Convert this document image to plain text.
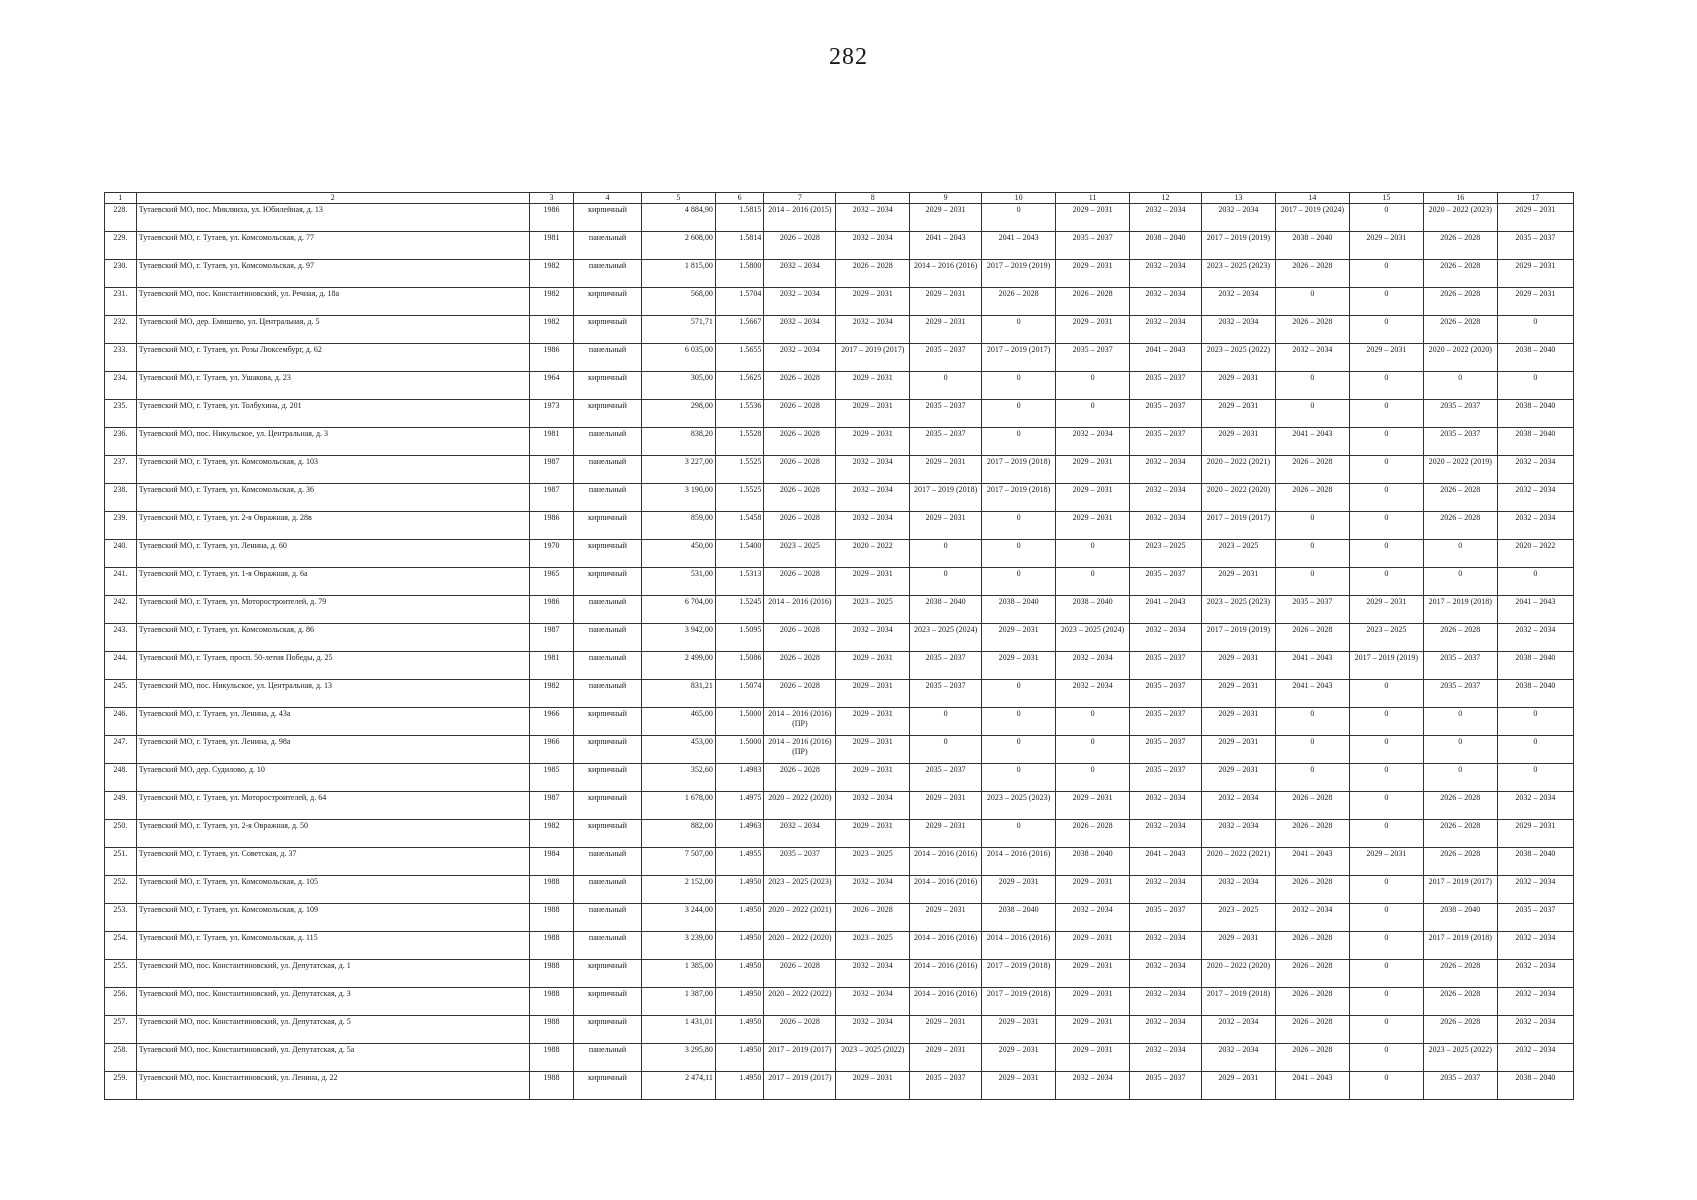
282
1	2	3	4	5	6	7	8	9	10	11	12	13	14	15	16	17
228.	Тутаевский МО, пос. Микляиха, ул. Юбилейная, д. 13	1986	кирпичный	4 884,90	1.5815	2014 – 2016 (2015)	2032 – 2034	2029 – 2031	0	2029 – 2031	2032 – 2034	2032 – 2034	2017 – 2019 (2024)	0	2020 – 2022 (2023)	2029 – 2031
229.	Тутаевский МО, г. Тутаев, ул. Комсомольская, д. 77	1981	панельный	2 608,00	1.5814	2026 – 2028	2032 – 2034	2041 – 2043	2041 – 2043	2035 – 2037	2038 – 2040	2017 – 2019 (2019)	2038 – 2040	2029 – 2031	2026 – 2028	2035 – 2037
230.	Тутаевский МО, г. Тутаев, ул. Комсомольская, д. 97	1982	панельный	1 815,00	1.5800	2032 – 2034	2026 – 2028	2014 – 2016 (2016)	2017 – 2019 (2019)	2029 – 2031	2032 – 2034	2023 – 2025 (2023)	2026 – 2028	0	2026 – 2028	2029 – 2031
231.	Тутаевский МО, пос. Константиновский, ул. Речная, д. 18а	1982	кирпичный	568,00	1.5704	2032 – 2034	2029 – 2031	2029 – 2031	2026 – 2028	2026 – 2028	2032 – 2034	2032 – 2034	0	0	2026 – 2028	2029 – 2031
232.	Тутаевский МО, дер. Емишево, ул. Центральная, д. 5	1982	кирпичный	571,71	1.5667	2032 – 2034	2032 – 2034	2029 – 2031	0	2029 – 2031	2032 – 2034	2032 – 2034	2026 – 2028	0	2026 – 2028	0
233.	Тутаевский МО, г. Тутаев, ул. Розы Люксембург, д. 62	1986	панельный	6 035,00	1.5655	2032 – 2034	2017 – 2019 (2017)	2035 – 2037	2017 – 2019 (2017)	2035 – 2037	2041 – 2043	2023 – 2025 (2022)	2032 – 2034	2029 – 2031	2020 – 2022 (2020)	2038 – 2040
234.	Тутаевский МО, г. Тутаев, ул. Ушакова, д. 23	1964	кирпичный	305,00	1.5625	2026 – 2028	2029 – 2031	0	0	0	2035 – 2037	2029 – 2031	0	0	0	0
235.	Тутаевский МО, г. Тутаев, ул. Толбухина, д. 201	1973	кирпичный	298,00	1.5536	2026 – 2028	2029 – 2031	2035 – 2037	0	0	2035 – 2037	2029 – 2031	0	0	2035 – 2037	2038 – 2040
236.	Тутаевский МО, пос. Никульское, ул. Центральная, д. 3	1981	панельный	838,20	1.5528	2026 – 2028	2029 – 2031	2035 – 2037	0	2032 – 2034	2035 – 2037	2029 – 2031	2041 – 2043	0	2035 – 2037	2038 – 2040
237.	Тутаевский МО, г. Тутаев, ул. Комсомольская, д. 103	1987	панельный	3 227,00	1.5525	2026 – 2028	2032 – 2034	2029 – 2031	2017 – 2019 (2018)	2029 – 2031	2032 – 2034	2020 – 2022 (2021)	2026 – 2028	0	2020 – 2022 (2019)	2032 – 2034
238.	Тутаевский МО, г. Тутаев, ул. Комсомольская, д. 36	1987	панельный	3 190,00	1.5525	2026 – 2028	2032 – 2034	2017 – 2019 (2018)	2017 – 2019 (2018)	2029 – 2031	2032 – 2034	2020 – 2022 (2020)	2026 – 2028	0	2026 – 2028	2032 – 2034
239.	Тутаевский МО, г. Тутаев, ул. 2-я Овражная, д. 28в	1986	кирпичный	859,00	1.5458	2026 – 2028	2032 – 2034	2029 – 2031	0	2029 – 2031	2032 – 2034	2017 – 2019 (2017)	0	0	2026 – 2028	2032 – 2034
240.	Тутаевский МО, г. Тутаев, ул. Ленина, д. 60	1970	кирпичный	450,00	1.5400	2023 – 2025	2020 – 2022	0	0	0	2023 – 2025	2023 – 2025	0	0	0	2020 – 2022
241.	Тутаевский МО, г. Тутаев, ул. 1-я Овражная, д. 6а	1965	кирпичный	531,00	1.5313	2026 – 2028	2029 – 2031	0	0	0	2035 – 2037	2029 – 2031	0	0	0	0
242.	Тутаевский МО, г. Тутаев, ул. Моторостроителей, д. 79	1986	панельный	6 704,00	1.5245	2014 – 2016 (2016)	2023 – 2025	2038 – 2040	2038 – 2040	2038 – 2040	2041 – 2043	2023 – 2025 (2023)	2035 – 2037	2029 – 2031	2017 – 2019 (2018)	2041 – 2043
243.	Тутаевский МО, г. Тутаев, ул. Комсомольская, д. 86	1987	панельный	3 942,00	1.5095	2026 – 2028	2032 – 2034	2023 – 2025 (2024)	2029 – 2031	2023 – 2025 (2024)	2032 – 2034	2017 – 2019 (2019)	2026 – 2028	2023 – 2025	2026 – 2028	2032 – 2034
244.	Тутаевский МО, г. Тутаев, просп. 50-летия Победы, д. 25	1981	панельный	2 499,00	1.5086	2026 – 2028	2029 – 2031	2035 – 2037	2029 – 2031	2032 – 2034	2035 – 2037	2029 – 2031	2041 – 2043	2017 – 2019 (2019)	2035 – 2037	2038 – 2040
245.	Тутаевский МО, пос. Никульское, ул. Центральная, д. 13	1982	панельный	831,21	1.5074	2026 – 2028	2029 – 2031	2035 – 2037	0	2032 – 2034	2035 – 2037	2029 – 2031	2041 – 2043	0	2035 – 2037	2038 – 2040
246.	Тутаевский МО, г. Тутаев, ул. Ленина, д. 43а	1966	кирпичный	465,00	1.5000	2014 – 2016 (2016) (ПР)	2029 – 2031	0	0	0	2035 – 2037	2029 – 2031	0	0	0	0
247.	Тутаевский МО, г. Тутаев, ул. Ленина, д. 98а	1966	кирпичный	453,00	1.5000	2014 – 2016 (2016) (ПР)	2029 – 2031	0	0	0	2035 – 2037	2029 – 2031	0	0	0	0
248.	Тутаевский МО, дер. Судилово, д. 10	1985	кирпичный	352,60	1.4983	2026 – 2028	2029 – 2031	2035 – 2037	0	0	2035 – 2037	2029 – 2031	0	0	0	0
249.	Тутаевский МО, г. Тутаев, ул. Моторостроителей, д. 64	1987	кирпичный	1 678,00	1.4975	2020 – 2022 (2020)	2032 – 2034	2029 – 2031	2023 – 2025 (2023)	2029 – 2031	2032 – 2034	2032 – 2034	2026 – 2028	0	2026 – 2028	2032 – 2034
250.	Тутаевский МО, г. Тутаев, ул. 2-я Овражная, д. 50	1982	кирпичный	882,00	1.4963	2032 – 2034	2029 – 2031	2029 – 2031	0	2026 – 2028	2032 – 2034	2032 – 2034	2026 – 2028	0	2026 – 2028	2029 – 2031
251.	Тутаевский МО, г. Тутаев, ул. Советская, д. 37	1984	панельный	7 507,00	1.4955	2035 – 2037	2023 – 2025	2014 – 2016 (2016)	2014 – 2016 (2016)	2038 – 2040	2041 – 2043	2020 – 2022 (2021)	2041 – 2043	2029 – 2031	2026 – 2028	2038 – 2040
252.	Тутаевский МО, г. Тутаев, ул. Комсомольская, д. 105	1988	панельный	2 152,00	1.4950	2023 – 2025 (2023)	2032 – 2034	2014 – 2016 (2016)	2029 – 2031	2029 – 2031	2032 – 2034	2032 – 2034	2026 – 2028	0	2017 – 2019 (2017)	2032 – 2034
253.	Тутаевский МО, г. Тутаев, ул. Комсомольская, д. 109	1988	панельный	3 244,00	1.4950	2020 – 2022 (2021)	2026 – 2028	2029 – 2031	2038 – 2040	2032 – 2034	2035 – 2037	2023 – 2025	2032 – 2034	0	2038 – 2040	2035 – 2037
254.	Тутаевский МО, г. Тутаев, ул. Комсомольская, д. 115	1988	панельный	3 239,00	1.4950	2020 – 2022 (2020)	2023 – 2025	2014 – 2016 (2016)	2014 – 2016 (2016)	2029 – 2031	2032 – 2034	2029 – 2031	2026 – 2028	0	2017 – 2019 (2018)	2032 – 2034
255.	Тутаевский МО, пос. Константиновский, ул. Депутатская, д. 1	1988	кирпичный	1 385,00	1.4950	2026 – 2028	2032 – 2034	2014 – 2016 (2016)	2017 – 2019 (2018)	2029 – 2031	2032 – 2034	2020 – 2022 (2020)	2026 – 2028	0	2026 – 2028	2032 – 2034
256.	Тутаевский МО, пос. Константиновский, ул. Депутатская, д. 3	1988	кирпичный	1 387,00	1.4950	2020 – 2022 (2022)	2032 – 2034	2014 – 2016 (2016)	2017 – 2019 (2018)	2029 – 2031	2032 – 2034	2017 – 2019 (2018)	2026 – 2028	0	2026 – 2028	2032 – 2034
257.	Тутаевский МО, пос. Константиновский, ул. Депутатская, д. 5	1988	кирпичный	1 431,01	1.4950	2026 – 2028	2032 – 2034	2029 – 2031	2029 – 2031	2029 – 2031	2032 – 2034	2032 – 2034	2026 – 2028	0	2026 – 2028	2032 – 2034
258.	Тутаевский МО, пос. Константиновский, ул. Депутатская, д. 5а	1988	панельный	3 295,80	1.4950	2017 – 2019 (2017)	2023 – 2025 (2022)	2029 – 2031	2029 – 2031	2029 – 2031	2032 – 2034	2032 – 2034	2026 – 2028	0	2023 – 2025 (2022)	2032 – 2034
259.	Тутаевский МО, пос. Константиновский, ул. Ленина, д. 22	1988	кирпичный	2 474,11	1.4950	2017 – 2019 (2017)	2029 – 2031	2035 – 2037	2029 – 2031	2032 – 2034	2035 – 2037	2029 – 2031	2041 – 2043	0	2035 – 2037	2038 – 2040
